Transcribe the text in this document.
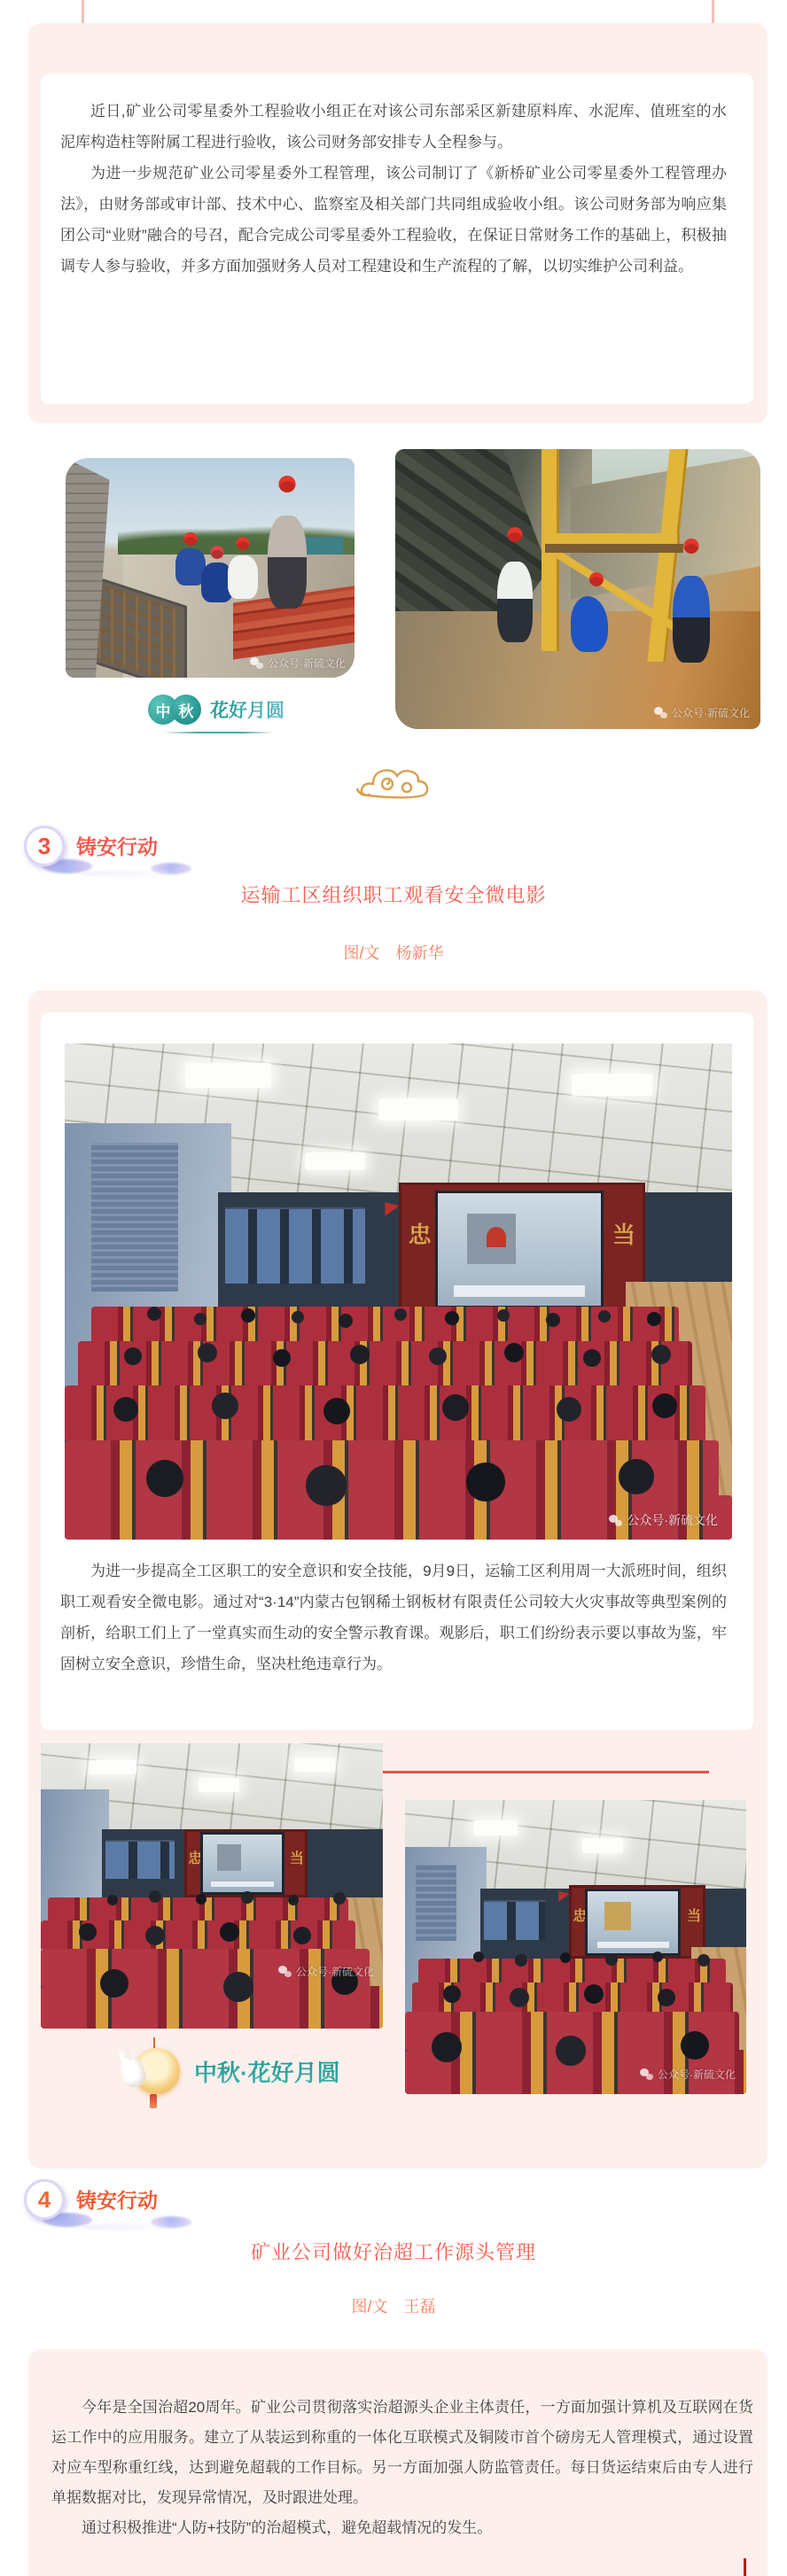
近日,矿业公司零星委外工程验收小组正在对该公司东部采区新建原料库、水泥库、值班室的水泥库构造柱等附属工程进行验收，该公司财务部安排专人全程参与。

为进一步规范矿业公司零星委外工程管理，该公司制订了《新桥矿业公司零星委外工程管理办法》，由财务部或审计部、技术中心、监察室及相关部门共同组成验收小组。该公司财务部为响应集团公司“业财”融合的号召，配合完成公司零星委外工程验收，在保证日常财务工作的基础上，积极抽调专人参与验收，并多方面加强财务人员对工程建设和生产流程的了解，以切实维护公司利益。

公众号·新硫文化
公众号·新硫文化
中 秋 花好月圆
3	铸安行动
运输工区组织职工观看安全微电影
图/文　杨新华
忠	当
公众号·新硫文化

为进一步提高全工区职工的安全意识和安全技能，9月9日，运输工区利用周一大派班时间，组织职工观看安全微电影。通过对“3·14”内蒙古包钢稀土钢板材有限责任公司较大火灾事故等典型案例的剖析，给职工们上了一堂真实而生动的安全警示教育课。观影后，职工们纷纷表示要以事故为鉴，牢固树立安全意识，珍惜生命，坚决杜绝违章行为。

忠	当
公众号·新硫文化
忠	当
公众号·新硫文化
中秋·花好月圆
4	铸安行动
矿业公司做好治超工作源头管理
图/文　王磊

今年是全国治超20周年。矿业公司贯彻落实治超源头企业主体责任，一方面加强计算机及互联网在货运工作中的应用服务。建立了从装运到称重的一体化互联模式及铜陵市首个磅房无人管理模式，通过设置对应车型称重红线，达到避免超载的工作目标。另一方面加强人防监管责任。每日货运结束后由专人进行单据数据对比，发现异常情况，及时跟进处理。

通过积极推进“人防+技防”的治超模式，避免超载情况的发生。
